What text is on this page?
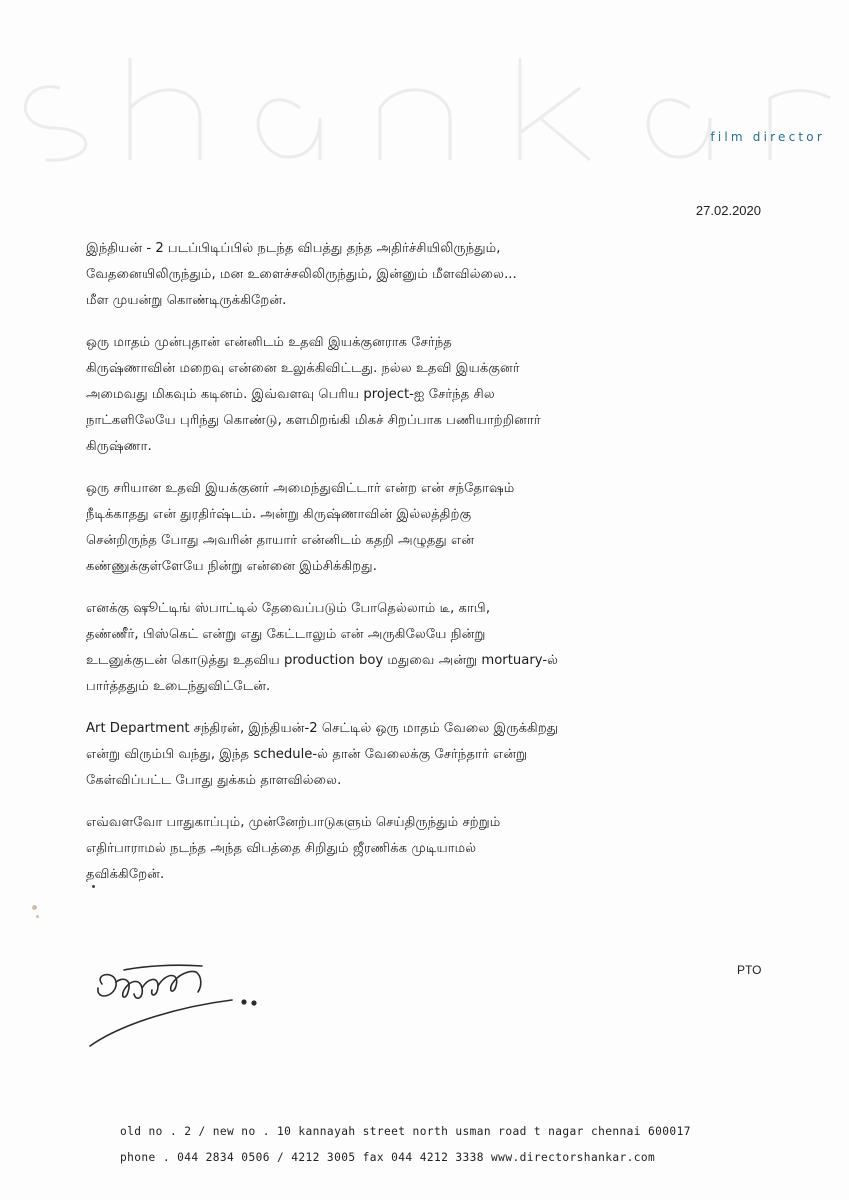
film director
27.02.2020
இந்தியன் - 2 படப்பிடிப்பில் நடந்த விபத்து தந்த அதிர்ச்சியிலிருந்தும்,
வேதனையிலிருந்தும், மன உளைச்சலிலிருந்தும், இன்னும் மீளவில்லை...
மீள முயன்று கொண்டிருக்கிறேன்.
ஒரு மாதம் முன்புதான் என்னிடம் உதவி இயக்குனராக சேர்ந்த
கிருஷ்ணாவின் மறைவு என்னை உலுக்கிவிட்டது. நல்ல உதவி இயக்குனர்
அமைவது மிகவும் கடினம். இவ்வளவு பெரிய project-ஐ சேர்ந்த சில
நாட்களிலேயே புரிந்து கொண்டு, களமிறங்கி மிகச் சிறப்பாக பணியாற்றினார்
கிருஷ்ணா.
ஒரு சரியான உதவி இயக்குனர் அமைந்துவிட்டார் என்ற என் சந்தோஷம்
நீடிக்காதது என் துரதிர்ஷ்டம். அன்று கிருஷ்ணாவின் இல்லத்திற்கு
சென்றிருந்த போது அவரின் தாயார் என்னிடம் கதறி அழுதது என்
கண்ணுக்குள்ளேயே நின்று என்னை இம்சிக்கிறது.
எனக்கு ஷூட்டிங் ஸ்பாட்டில் தேவைப்படும் போதெல்லாம் டீ, காபி,
தண்ணீர், பிஸ்கெட் என்று எது கேட்டாலும் என் அருகிலேயே நின்று
உடனுக்குடன் கொடுத்து உதவிய production boy மதுவை அன்று mortuary-ல்
பார்த்ததும் உடைந்துவிட்டேன்.
Art Department சந்திரன், இந்தியன்-2 செட்டில் ஒரு மாதம் வேலை இருக்கிறது
என்று விரும்பி வந்து, இந்த schedule-ல் தான் வேலைக்கு சேர்ந்தார் என்று
கேள்விப்பட்ட போது துக்கம் தாளவில்லை.
எவ்வளவோ பாதுகாப்பும், முன்னேற்பாடுகளும் செய்திருந்தும் சற்றும்
எதிர்பாராமல் நடந்த அந்த விபத்தை சிறிதும் ஜீரணிக்க முடியாமல்
தவிக்கிறேன்.
PTO
old no . 2 / new no . 10 kannayah street north usman road t nagar chennai 600017
phone . 044 2834 0506 / 4212 3005 fax 044 4212 3338 www.directorshankar.com
